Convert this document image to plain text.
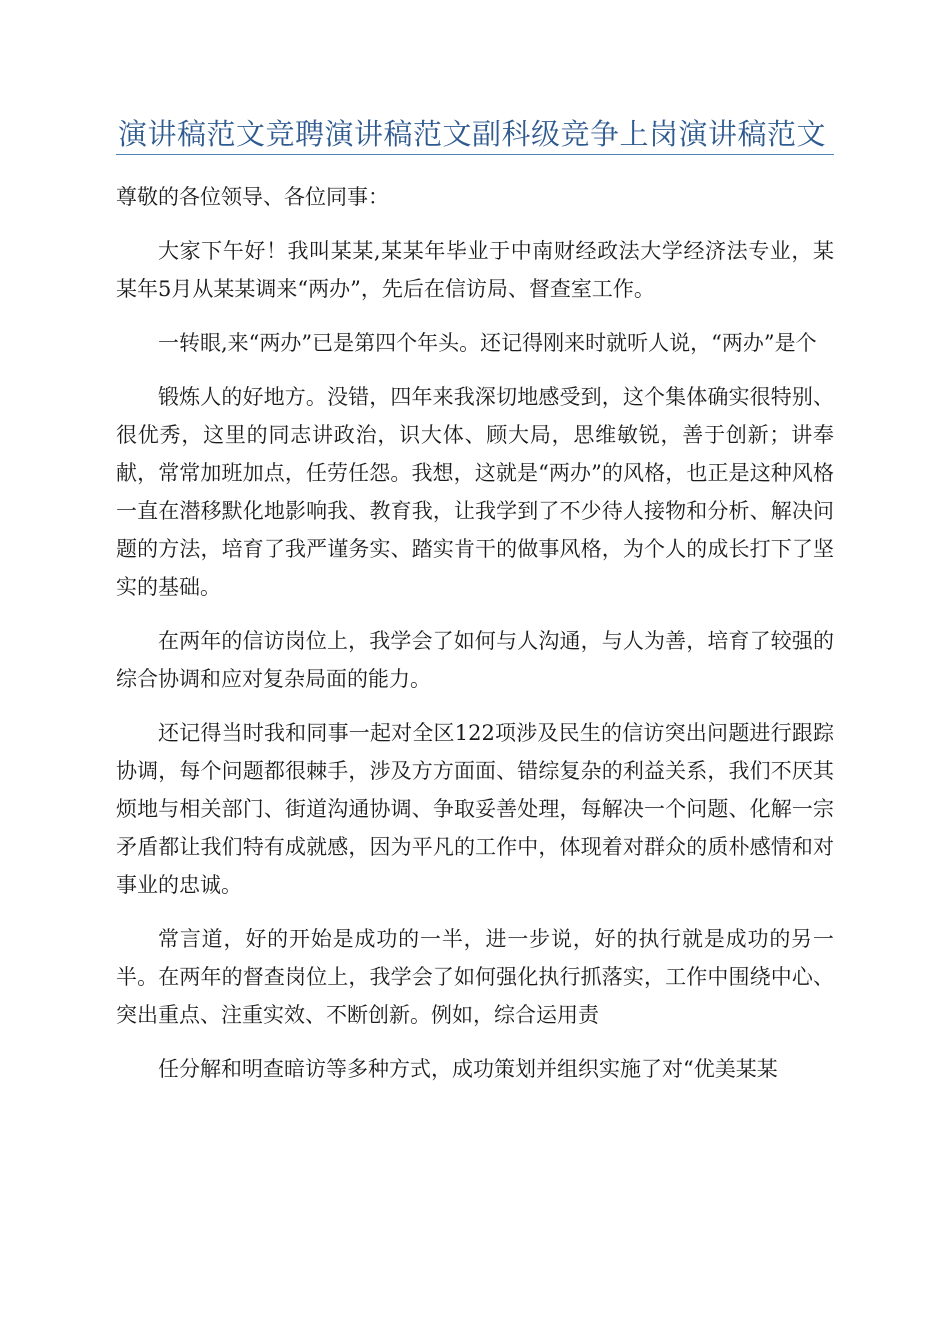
演讲稿范文竞聘演讲稿范文副科级竞争上岗演讲稿范文

尊敬的各位领导、各位同事：

大家下午好！我叫某某,某某年毕业于中南财经政法大学经济法专业，某某年5月从某某调来“两办”，先后在信访局、督查室工作。

一转眼,来“两办”已是第四个年头。还记得刚来时就听人说，“两办”是个

锻炼人的好地方。没错，四年来我深切地感受到，这个集体确实很特别、很优秀，这里的同志讲政治，识大体、顾大局，思维敏锐，善于创新；讲奉献，常常加班加点，任劳任怨。我想，这就是“两办”的风格，也正是这种风格一直在潜移默化地影响我、教育我，让我学到了不少待人接物和分析、解决问题的方法，培育了我严谨务实、踏实肯干的做事风格，为个人的成长打下了坚实的基础。

在两年的信访岗位上，我学会了如何与人沟通，与人为善，培育了较强的综合协调和应对复杂局面的能力。

还记得当时我和同事一起对全区122项涉及民生的信访突出问题进行跟踪协调，每个问题都很棘手，涉及方方面面、错综复杂的利益关系，我们不厌其烦地与相关部门、街道沟通协调、争取妥善处理，每解决一个问题、化解一宗矛盾都让我们特有成就感，因为平凡的工作中，体现着对群众的质朴感情和对事业的忠诚。

常言道，好的开始是成功的一半，进一步说，好的执行就是成功的另一半。在两年的督查岗位上，我学会了如何强化执行抓落实，工作中围绕中心、突出重点、注重实效、不断创新。例如，综合运用责

任分解和明查暗访等多种方式，成功策划并组织实施了对“优美某某
